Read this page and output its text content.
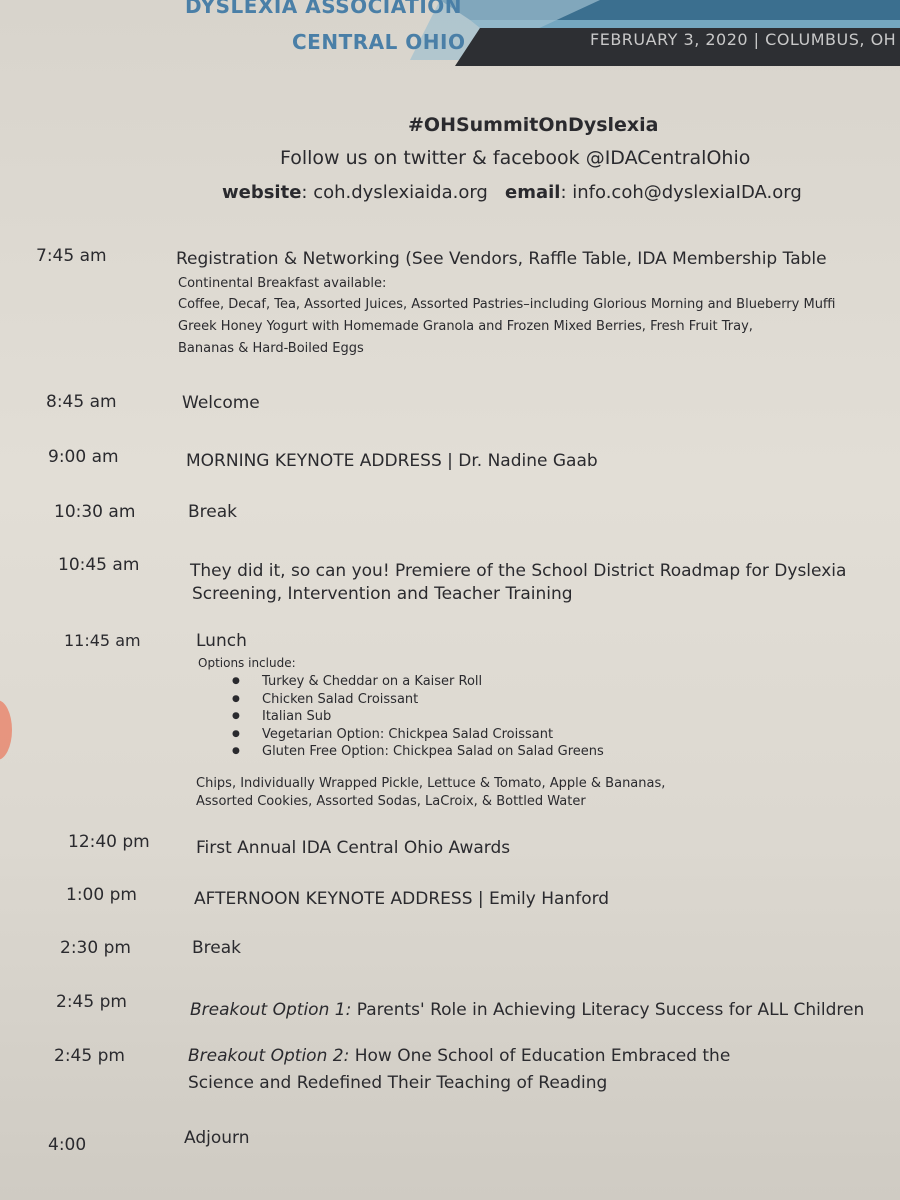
DYSLEXIA ASSOCIATION
CENTRAL OHIO	FEBRUARY 3, 2020 | COLUMBUS, OH
#OHSummitOnDyslexia
Follow us on twitter & facebook @IDACentralOhio
website: coh.dyslexiaida.org email: info.coh@dyslexiaIDA.org
7:45 am	Registration & Networking (See Vendors, Raffle Table, IDA Membership Table
Continental Breakfast available:
Coffee, Decaf, Tea, Assorted Juices, Assorted Pastries–including Glorious Morning and Blueberry Muffi
Greek Honey Yogurt with Homemade Granola and Frozen Mixed Berries, Fresh Fruit Tray,
Bananas & Hard-Boiled Eggs
8:45 am	Welcome
9:00 am	MORNING KEYNOTE ADDRESS | Dr. Nadine Gaab
10:30 am	Break
10:45 am	They did it, so can you! Premiere of the School District Roadmap for Dyslexia
Screening, Intervention and Teacher Training
11:45 am	Lunch
Options include:
● Turkey & Cheddar on a Kaiser Roll
● Chicken Salad Croissant
● Italian Sub
● Vegetarian Option: Chickpea Salad Croissant
● Gluten Free Option: Chickpea Salad on Salad Greens
Chips, Individually Wrapped Pickle, Lettuce & Tomato, Apple & Bananas,
Assorted Cookies, Assorted Sodas, LaCroix, & Bottled Water
12:40 pm	First Annual IDA Central Ohio Awards
1:00 pm	AFTERNOON KEYNOTE ADDRESS | Emily Hanford
2:30 pm	Break
2:45 pm	Breakout Option 1: Parents' Role in Achieving Literacy Success for ALL Children
2:45 pm	Breakout Option 2: How One School of Education Embraced the
Science and Redefined Their Teaching of Reading
4:00	Adjourn
